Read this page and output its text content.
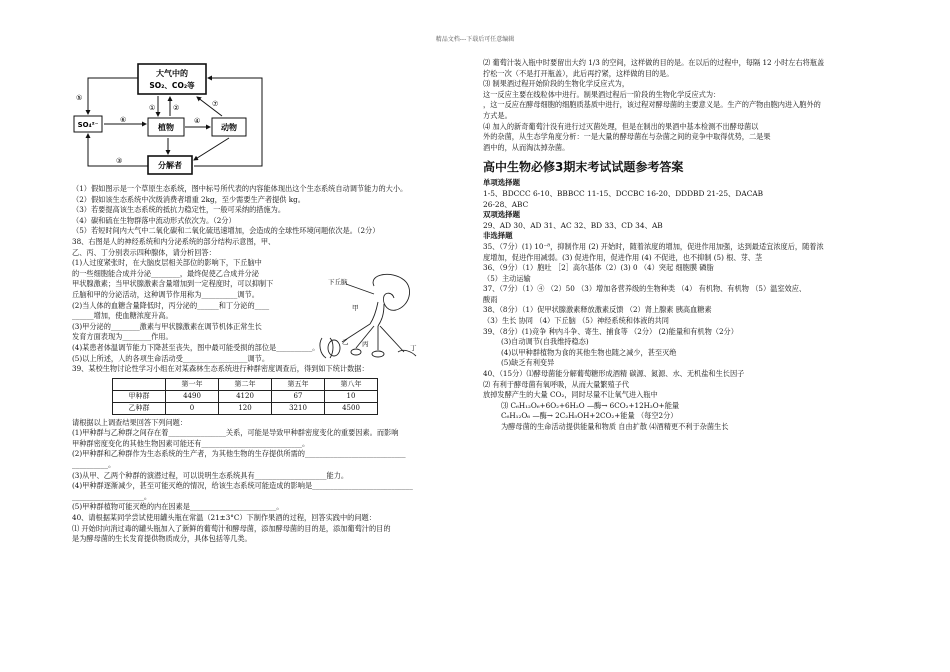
精品文档---下载后可任意编辑
大气中的
SO₂、CO₂等
SO₄²⁻	植物	动物
分解者
①	②	⑦
④
⑥
⑤
③
下丘脑
甲
乙 丙	丁

（1）假如图示是一个草原生态系统，图中标号所代表的内容能体现出这个生态系统自动调节能力的大小。

（2）假如该生态系统中次级消费者增重 2kg，至少需要生产者提供 kg。

（3）若要提高该生态系统的抵抗力稳定性，一般可采纳的措施为。

（4）碳和硫在生物群落中流动形式依次为。（2分）

（5）若短时间内大气中二氧化碳和二氧化硫迅速增加，会造成的全球性环境问题依次是。（2分）

38、右图是人的神经系统和内分泌系统的部分结构示意图，甲、

乙、丙、丁分别表示四种腺体，请分析回答：

(1)人过度紧张时，在大脑皮层相关部位的影响下，下丘脑中

的一些细胞能合成并分泌________，最终促使乙合成并分泌

甲状腺激素；当甲状腺激素含量增加到一定程度时，可以抑制下

丘脑和甲的分泌活动，这种调节作用称为__________调节。

(2)当人体的血糖含量降低时，丙分泌的______和丁分泌的____

______增加，使血糖浓度升高。

(3)甲分泌的________激素与甲状腺激素在调节机体正常生长

发育方面表现为________作用。

(4)某患者体温调节能力下降甚至丧失，图中最可能受损的部位是__________。

(5)以上所述，人的各项生命活动受__________________调节。

39、某校生物讨论性学习小组在对某森林生态系统进行种群密度调查后，得到如下统计数据：

	第一年	第二年	第五年	第八年
甲种群	4490	4120	67	10
乙种群	0	120	3210	4500

请根据以上调查结果回答下列问题：

(1)甲种群与乙种群之间存在着________________关系，可能是导致甲种群密度变化的重要因素。而影响

甲种群密度变化的其他生物因素可能还有____________________________。

(2)甲种群和乙种群作为生态系统的生产者，为其他生物的生存提供所需的____________________________

__________。

(3)从甲、乙两个种群的演潜过程，可以说明生态系统具有____________________能力。

(4)甲种群逐渐减少，甚至可能灭绝的情况，给该生态系统可能造成的影响是____________________________

____________________。

(5)甲种群植物可能灭绝的内在因素是________________________。

40、请根据某同学尝试使用罐头瓶在常温（21±3°C）下制作果酒的过程，回答实践中的问题：

⑴ 开始时向消过毒的罐头瓶加入了新鲜的葡萄汁和酵母菌，添加酵母菌的目的是，添加葡萄汁的目的

是为酵母菌的生长发育提供物质成分，具体包括等几类。

⑵ 葡萄汁装入瓶中时要留出大约 1/3 的空间，这样做的目的是。在以后的过程中，每隔 12 小时左右将瓶盖

拧松一次（不是打开瓶盖），此后再拧紧，这样做的目的是。

⑶ 制果酒过程开始阶段的生物化学反应式为，

这一反应主要在线粒体中进行。制果酒过程后一阶段的生物化学反应式为：

，这一反应在酵母细胞的细胞质基质中进行，该过程对酵母菌的主要意义是。生产的产物由胞内进入胞外的

方式是。

⑷ 加入的新奇葡萄汁没有进行过灭菌处理，但是在制出的果酒中基本检测不出酵母菌以

外的杂菌，从生态学角度分析：一是大量的酵母菌在与杂菌之间的竞争中取得优势，二是果

酒中的，从而淘汰掉杂菌。

高中生物必修3期末考试试题参考答案

单项选择题

1-5、BDCCC 6-10、BBBCC 11-15、DCCBC 16-20、DDDBD 21-25、DACAB

26-28、ABC

双项选择题

29、AD 30、AD 31、AC 32、BD 33、CD 34、AB

非选择题

35、（7分）(1) 10⁻⁸，抑制作用 (2) 开始时，随着浓度的增加，促进作用加强，达到最适宜浓度后，随着浓

度增加，促进作用减弱。(3) 促进作用，促进作用 (4) 不促进，也不抑制 (5) 根、芽、茎

36、（9分）（1）胞吐 ［2］高尔基体（2）(3) 0 （4）突起 细胞膜 磷脂

（5）主动运输

37、（7分）（1）④ （2）50 （3）增加各营养级的生物种类 （4） 有机物、有机物 （5）温室效应、

酸雨

38、（8分）（1）促甲状腺激素释放激素反馈 （2）肾上腺素 胰高血糖素

（3）生长 协同 （4）下丘脑 （5）神经系统和体液的共同

39、（8分）(1)竞争 种内斗争、寄生、捕食等 （2分） (2)能量和有机物（2分）

(3)自动调节(自我维持稳态)

(4)以甲种群植物为食的其他生物也随之减少，甚至灭绝

(5)缺乏有利变异

40、（15分）⑴酵母菌能分解葡萄糖形成酒精 碳源、氮源、水、无机盐和生长因子

⑵ 有利于酵母菌有氧呼吸，从而大量繁殖子代

放掉发酵产生的大量 CO₂，同时尽量不让氧气进入瓶中

⑶ C₆H₁₂O₆+6O₂+6H₂O —酶→ 6CO₂+12H₂O+能量

C₆H₁₂O₆ —酶→ 2C₂H₅OH+2CO₂+能量 （每空2分）

为酵母菌的生命活动提供能量和物质 自由扩散 ⑷酒精更不利于杂菌生长
